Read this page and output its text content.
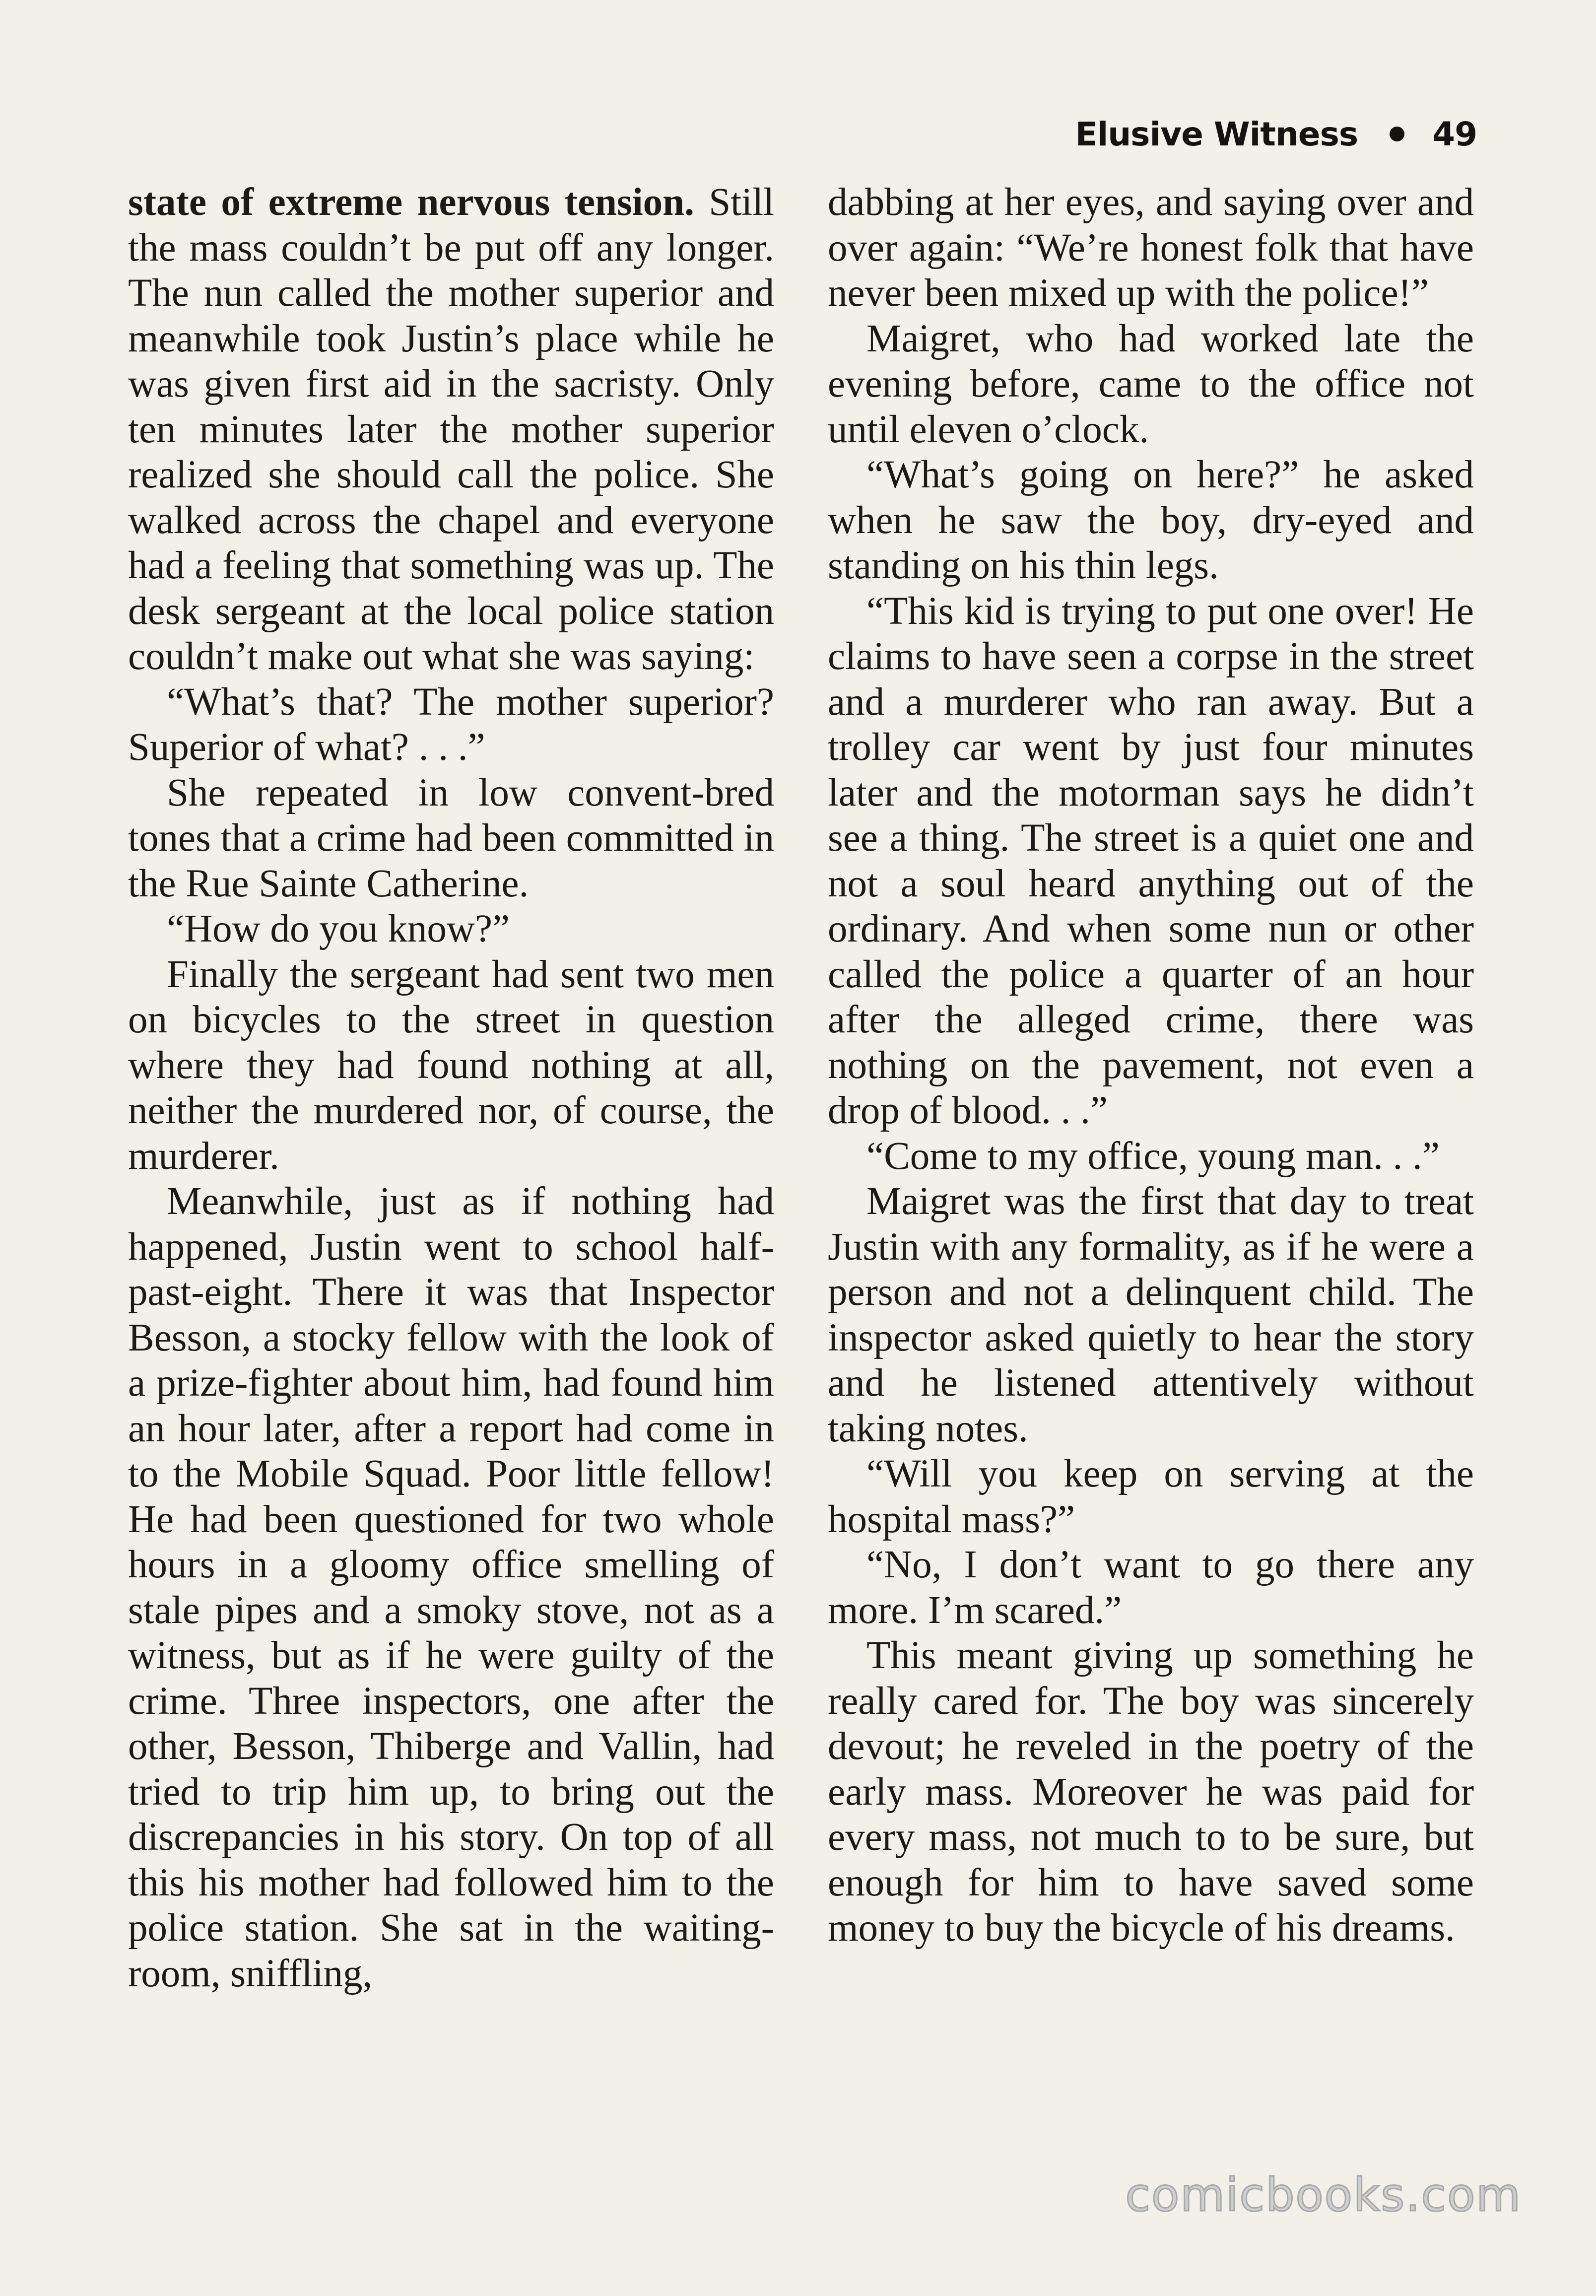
Elusive Witness 49

state of extreme nervous tension. Still the mass couldn’t be put off any longer. The nun called the mother superior and meanwhile took Justin’s place while he was given first aid in the sacristy. Only ten minutes later the mother superior realized she should call the police. She walked across the chapel and everyone had a feeling that something was up. The desk sergeant at the local police station couldn’t make out what she was saying:

“What’s that? The mother superior? Superior of what? . . .”

She repeated in low convent-bred tones that a crime had been committed in the Rue Sainte Catherine.

“How do you know?”

Finally the sergeant had sent two men on bicycles to the street in question where they had found nothing at all, neither the murdered nor, of course, the murderer.

Meanwhile, just as if nothing had happened, Justin went to school half-past-eight. There it was that Inspector Besson, a stocky fellow with the look of a prize-fighter about him, had found him an hour later, after a report had come in to the Mobile Squad. Poor little fellow! He had been questioned for two whole hours in a gloomy office smelling of stale pipes and a smoky stove, not as a witness, but as if he were guilty of the crime. Three inspectors, one after the other, Besson, Thiberge and Vallin, had tried to trip him up, to bring out the discrepancies in his story. On top of all this his mother had followed him to the police station. She sat in the waiting-room, sniffling,

dabbing at her eyes, and saying over and over again: “We’re honest folk that have never been mixed up with the police!”

Maigret, who had worked late the evening before, came to the office not until eleven o’clock.

“What’s going on here?” he asked when he saw the boy, dry-eyed and standing on his thin legs.

“This kid is trying to put one over! He claims to have seen a corpse in the street and a murderer who ran away. But a trolley car went by just four minutes later and the motorman says he didn’t see a thing. The street is a quiet one and not a soul heard anything out of the ordinary. And when some nun or other called the police a quarter of an hour after the alleged crime, there was nothing on the pavement, not even a drop of blood. . .”

“Come to my office, young man. . .”

Maigret was the first that day to treat Justin with any formality, as if he were a person and not a delinquent child. The inspector asked quietly to hear the story and he listened attentively without taking notes.

“Will you keep on serving at the hospital mass?”

“No, I don’t want to go there any more. I’m scared.”

This meant giving up something he really cared for. The boy was sincerely devout; he reveled in the poetry of the early mass. Moreover he was paid for every mass, not much to to be sure, but enough for him to have saved some money to buy the bicycle of his dreams.

comicbooks.com
